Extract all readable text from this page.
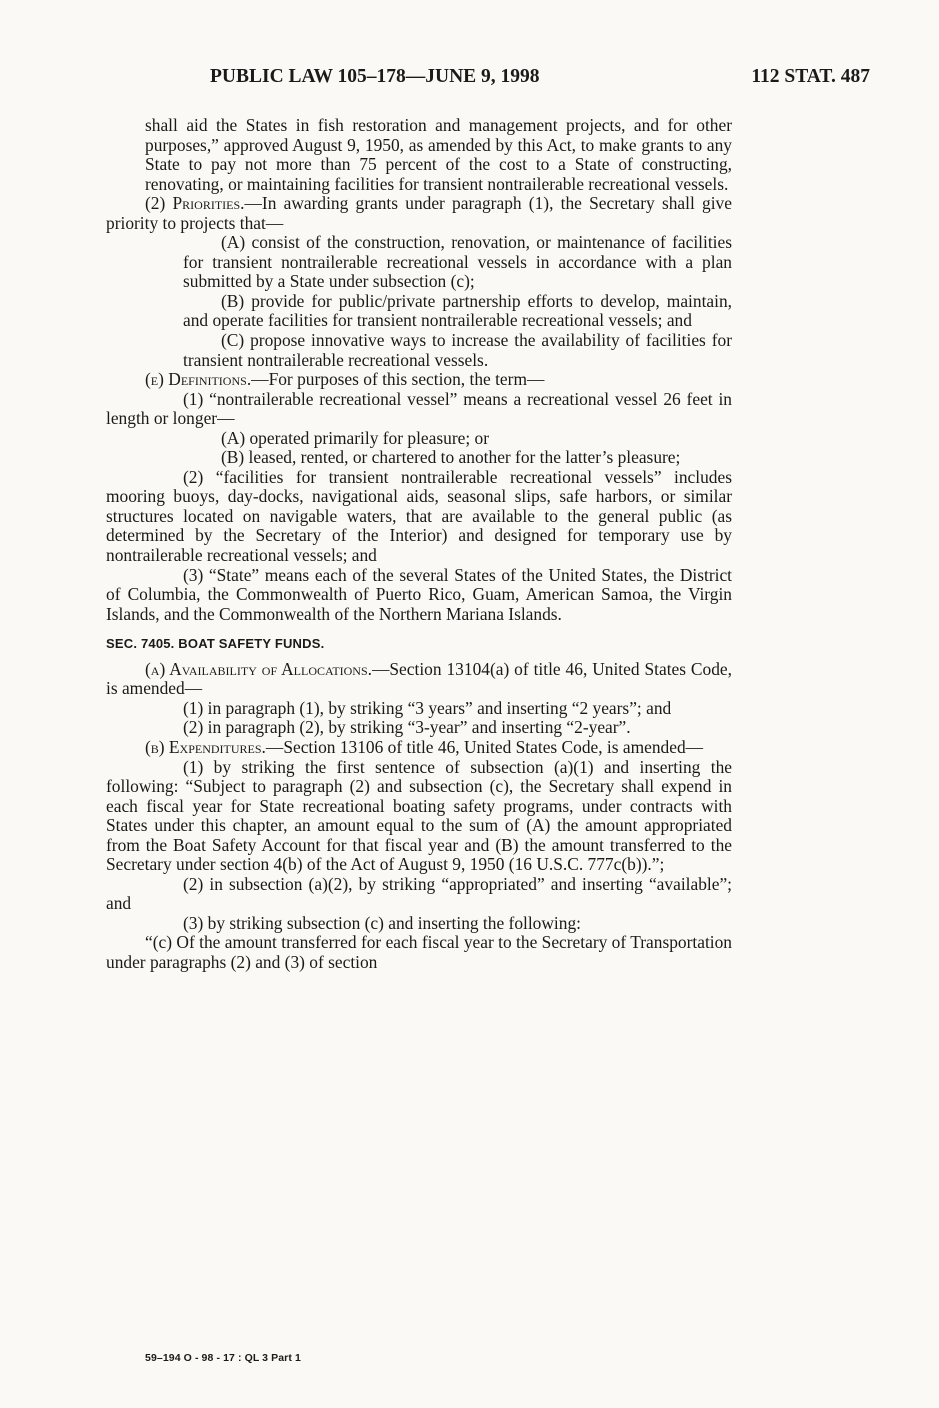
PUBLIC LAW 105–178—JUNE 9, 1998	112 STAT. 487

shall aid the States in fish restoration and management projects, and for other purposes,” approved August 9, 1950, as amended by this Act, to make grants to any State to pay not more than 75 percent of the cost to a State of constructing, renovating, or maintaining facilities for transient nontrailerable recreational vessels.

(2) Priorities.—In awarding grants under paragraph (1), the Secretary shall give priority to projects that—

(A) consist of the construction, renovation, or maintenance of facilities for transient nontrailerable recreational vessels in accordance with a plan submitted by a State under subsection (c);

(B) provide for public/private partnership efforts to develop, maintain, and operate facilities for transient nontrailerable recreational vessels; and

(C) propose innovative ways to increase the availability of facilities for transient nontrailerable recreational vessels.

(e) Definitions.—For purposes of this section, the term—

(1) “nontrailerable recreational vessel” means a recreational vessel 26 feet in length or longer—

(A) operated primarily for pleasure; or

(B) leased, rented, or chartered to another for the latter’s pleasure;

(2) “facilities for transient nontrailerable recreational vessels” includes mooring buoys, day-docks, navigational aids, seasonal slips, safe harbors, or similar structures located on navigable waters, that are available to the general public (as determined by the Secretary of the Interior) and designed for temporary use by nontrailerable recreational vessels; and

(3) “State” means each of the several States of the United States, the District of Columbia, the Commonwealth of Puerto Rico, Guam, American Samoa, the Virgin Islands, and the Commonwealth of the Northern Mariana Islands.

SEC. 7405. BOAT SAFETY FUNDS.

(a) Availability of Allocations.—Section 13104(a) of title 46, United States Code, is amended—

(1) in paragraph (1), by striking “3 years” and inserting “2 years”; and

(2) in paragraph (2), by striking “3-year” and inserting “2-year”.

(b) Expenditures.—Section 13106 of title 46, United States Code, is amended—

(1) by striking the first sentence of subsection (a)(1) and inserting the following: “Subject to paragraph (2) and subsection (c), the Secretary shall expend in each fiscal year for State recreational boating safety programs, under contracts with States under this chapter, an amount equal to the sum of (A) the amount appropriated from the Boat Safety Account for that fiscal year and (B) the amount transferred to the Secretary under section 4(b) of the Act of August 9, 1950 (16 U.S.C. 777c(b)).”;

(2) in subsection (a)(2), by striking “appropriated” and inserting “available”; and

(3) by striking subsection (c) and inserting the following:

“(c) Of the amount transferred for each fiscal year to the Secretary of Transportation under paragraphs (2) and (3) of section

59–194 O - 98 - 17 : QL 3 Part 1
